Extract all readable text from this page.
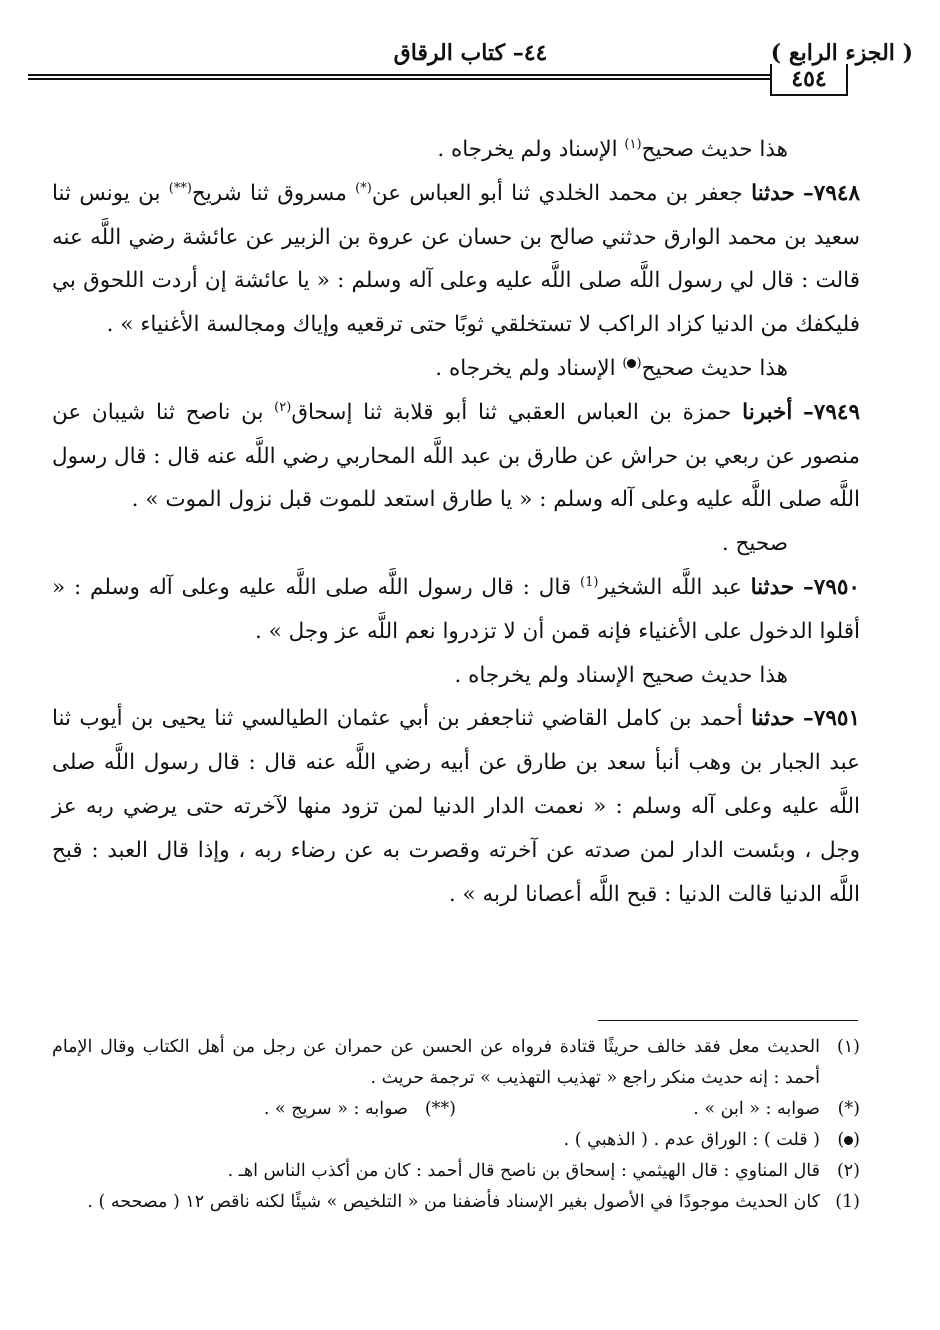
( الجزء الرابع )
٤٤– كتاب الرقاق
٤٥٤

هذا حديث صحيح$^{(١)}$ الإسناد ولم يخرجاه .

٧٩٤٨– حدثنا جعفر بن محمد الخلدي ثنا أبو العباس عن(*) مسروق ثنا شريح(**) بن يونس ثنا سعيد بن محمد الوارق حدثني صالح بن حسان عن عروة بن الزبير عن عائشة رضي اللَّه عنه قالت : قال لي رسول اللَّه صلى اللَّه عليه وعلى آله وسلم : « يا عائشة إن أردت اللحوق بي فليكفك من الدنيا كزاد الراكب لا تستخلقي ثوبًا حتى ترقعيه وإياك ومجالسة الأغنياء » .

هذا حديث صحيح() الإسناد ولم يخرجاه .

٧٩٤٩– أخبرنا حمزة بن العباس العقبي ثنا أبو قلابة ثنا إسحاق$^{(٢)}$ بن ناصح ثنا شيبان عن منصور عن ربعي بن حراش عن طارق بن عبد اللَّه المحاربي رضي اللَّه عنه قال : قال رسول اللَّه صلى اللَّه عليه وعلى آله وسلم : « يا طارق استعد للموت قبل نزول الموت » .

صحيح .

٧٩٥٠– حدثنا عبد اللَّه الشخير$^{(1)}$ قال : قال رسول اللَّه صلى اللَّه عليه وعلى آله وسلم : « أقلوا الدخول على الأغنياء فإنه قمن أن لا تزدروا نعم اللَّه عز وجل » .

هذا حديث صحيح الإسناد ولم يخرجاه .

٧٩٥١– حدثنا أحمد بن كامل القاضي ثناجعفر بن أبي عثمان الطيالسي ثنا يحيى بن أيوب ثنا عبد الجبار بن وهب أنبأ سعد بن طارق عن أبيه رضي اللَّه عنه قال : قال رسول اللَّه صلى اللَّه عليه وعلى آله وسلم : « نعمت الدار الدنيا لمن تزود منها لآخرته حتى يرضي ربه عز وجل ، وبئست الدار لمن صدته عن آخرته وقصرت به عن رضاء ربه ، وإذا قال العبد : قبح اللَّه الدنيا قالت الدنيا : قبح اللَّه أعصانا لربه » .

(١)
الحديث معل فقد خالف حريثًا قتادة فرواه عن الحسن عن حمران عن رجل من أهل الكتاب وقال الإمام أحمد : إنه حديث منكر راجع « تهذيب التهذيب » ترجمة حريث .
(*)
صوابه : « ابن » .
(**)
صوابه : « سريج » .
()
( قلت ) : الوراق عدم . ( الذهبي ) .
(٢)
قال المناوي : قال الهيثمي : إسحاق بن ناصح قال أحمد : كان من أكذب الناس اهـ .
(1)
كان الحديث موجودًا في الأصول بغير الإسناد فأضفنا من « التلخيص » شيئًا لكنه ناقص ١٢ ( مصححه ) .
